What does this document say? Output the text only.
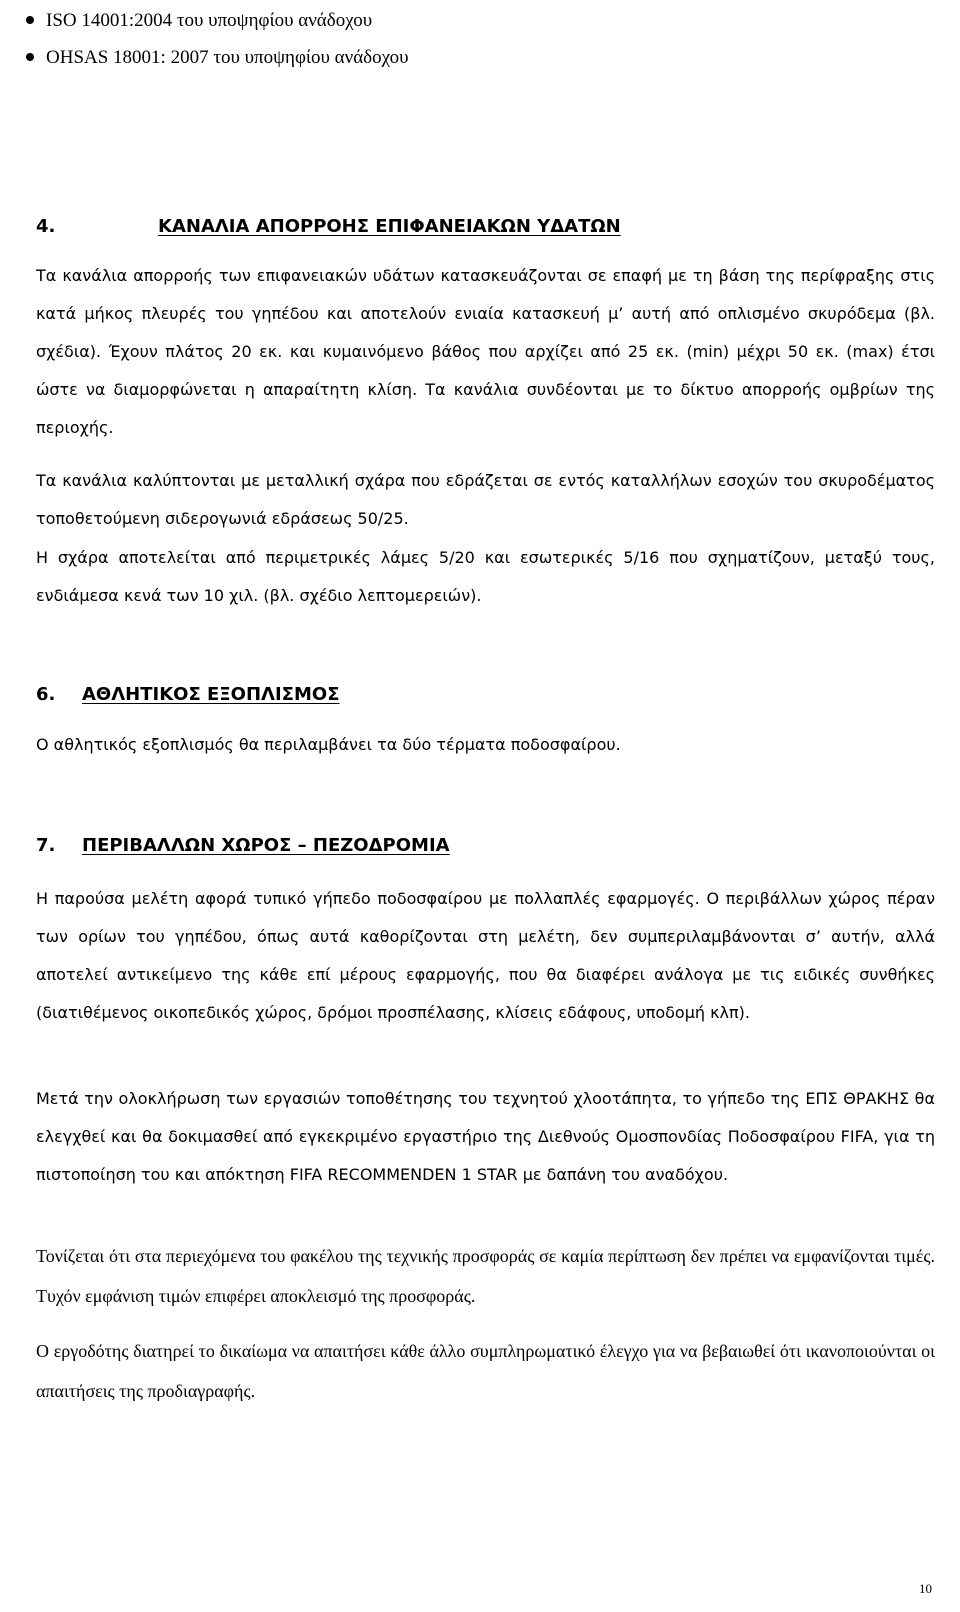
ISO 14001:2004 του υποψηφίου ανάδοχου
OHSAS 18001: 2007 του υποψηφίου ανάδοχου
4.	ΚΑΝΑΛΙΑ ΑΠΟΡΡΟΗΣ ΕΠΙΦΑΝΕΙΑΚΩΝ ΥΔΑΤΩΝ

Τα κανάλια απορροής των επιφανειακών υδάτων κατασκευάζονται σε επαφή με τη βάση της περίφραξης στις κατά μήκος πλευρές του γηπέδου και αποτελούν ενιαία κατασκευή μ’ αυτή από οπλισμένο σκυρόδεμα (βλ. σχέδια). Έχουν πλάτος 20 εκ. και κυμαινόμενο βάθος που αρχίζει από 25 εκ. (min) μέχρι 50 εκ. (max) έτσι ώστε να διαμορφώνεται η απαραίτητη κλίση. Τα κανάλια συνδέονται με το δίκτυο απορροής ομβρίων της περιοχής.

Τα κανάλια καλύπτονται με μεταλλική σχάρα που εδράζεται σε εντός καταλλήλων εσοχών του σκυροδέματος τοποθετούμενη σιδερογωνιά εδράσεως 50/25.

Η σχάρα αποτελείται από περιμετρικές λάμες 5/20 και εσωτερικές 5/16 που σχηματίζουν, μεταξύ τους, ενδιάμεσα κενά των 10 χιλ. (βλ. σχέδιο λεπτομερειών).

6. ΑΘΛΗΤΙΚΟΣ ΕΞΟΠΛΙΣΜΟΣ

Ο αθλητικός εξοπλισμός θα περιλαμβάνει τα δύο τέρματα ποδοσφαίρου.

7. ΠΕΡΙΒΑΛΛΩΝ ΧΩΡΟΣ – ΠΕΖΟΔΡΟΜΙΑ

Η παρούσα μελέτη αφορά τυπικό γήπεδο ποδοσφαίρου με πολλαπλές εφαρμογές. Ο περιβάλλων χώρος πέραν των ορίων του γηπέδου, όπως αυτά καθορίζονται στη μελέτη, δεν συμπεριλαμβάνονται σ’ αυτήν, αλλά αποτελεί αντικείμενο της κάθε επί μέρους εφαρμογής, που θα διαφέρει ανάλογα με τις ειδικές συνθήκες (διατιθέμενος οικοπεδικός χώρος, δρόμοι προσπέλασης, κλίσεις εδάφους, υποδομή κλπ).

Μετά την ολοκλήρωση των εργασιών τοποθέτησης του τεχνητού χλοοτάπητα, το γήπεδο της ΕΠΣ ΘΡΑΚΗΣ θα ελεγχθεί και θα δοκιμασθεί από εγκεκριμένο εργαστήριο της Διεθνούς Ομοσπονδίας Ποδοσφαίρου FIFA, για τη πιστοποίηση του και απόκτηση FIFA RECOMMENDEN 1 STAR με δαπάνη του αναδόχου.

Τονίζεται ότι στα περιεχόμενα του φακέλου της τεχνικής προσφοράς σε καμία περίπτωση δεν πρέπει να εμφανίζονται τιμές. Τυχόν εμφάνιση τιμών επιφέρει αποκλεισμό της προσφοράς.

Ο εργοδότης διατηρεί το δικαίωμα να απαιτήσει κάθε άλλο συμπληρωματικό έλεγχο για να βεβαιωθεί ότι ικανοποιούνται οι απαιτήσεις της προδιαγραφής.

10
